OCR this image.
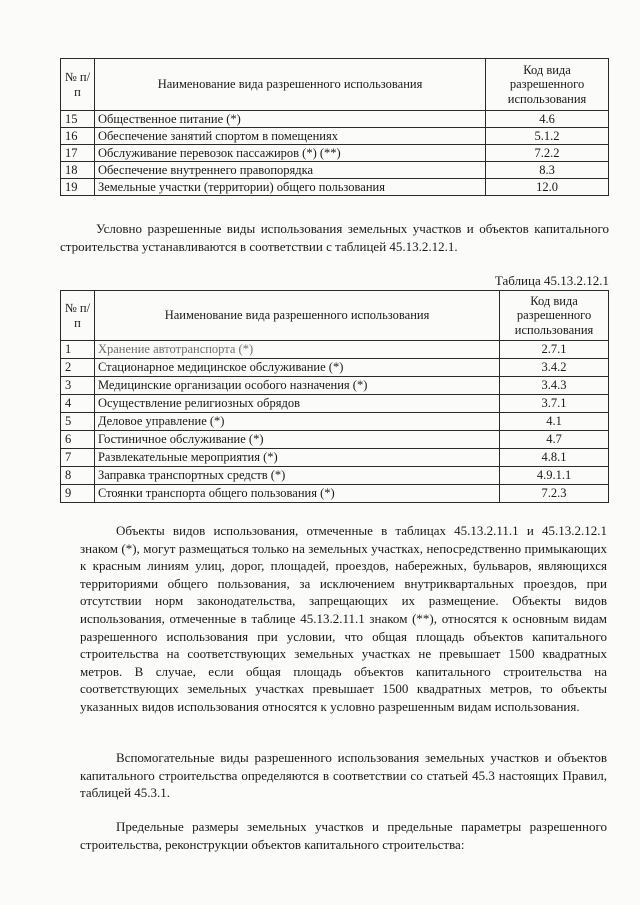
№ п/п	Наименование вида разрешенного использования	Код вида разрешенного использования
15	Общественное питание (*)	4.6
16	Обеспечение занятий спортом в помещениях	5.1.2
17	Обслуживание перевозок пассажиров (*) (**)	7.2.2
18	Обеспечение внутреннего правопорядка	8.3
19	Земельные участки (территории) общего пользования	12.0

Условно разрешенные виды использования земельных участков и объектов капитального строительства устанавливаются в соответствии с таблицей 45.13.2.12.1.

Таблица 45.13.2.12.1
№ п/п	Наименование вида разрешенного использования	Код вида разрешенного использования
1	Хранение автотранспорта (*)	2.7.1
2	Стационарное медицинское обслуживание (*)	3.4.2
3	Медицинские организации особого назначения (*)	3.4.3
4	Осуществление религиозных обрядов	3.7.1
5	Деловое управление (*)	4.1
6	Гостиничное обслуживание (*)	4.7
7	Развлекательные мероприятия (*)	4.8.1
8	Заправка транспортных средств (*)	4.9.1.1
9	Стоянки транспорта общего пользования (*)	7.2.3

Объекты видов использования, отмеченные в таблицах 45.13.2.11.1 и 45.13.2.12.1 знаком (*), могут размещаться только на земельных участках, непосредственно примыкающих к красным линиям улиц, дорог, площадей, проездов, набережных, бульваров, являющихся территориями общего пользования, за исключением внутриквартальных проездов, при отсутствии норм законодательства, запрещающих их размещение. Объекты видов использования, отмеченные в таблице 45.13.2.11.1 знаком (**), относятся к основным видам разрешенного использования при условии, что общая площадь объектов капитального строительства на соответствующих земельных участках не превышает 1500 квадратных метров. В случае, если общая площадь объектов капитального строительства на соответствующих земельных участках превышает 1500 квадратных метров, то объекты указанных видов использования относятся к условно разрешенным видам использования.

Вспомогательные виды разрешенного использования земельных участков и объектов капитального строительства определяются в соответствии со статьей 45.3 настоящих Правил, таблицей 45.3.1.

Предельные размеры земельных участков и предельные параметры разрешенного строительства, реконструкции объектов капитального строительства:
